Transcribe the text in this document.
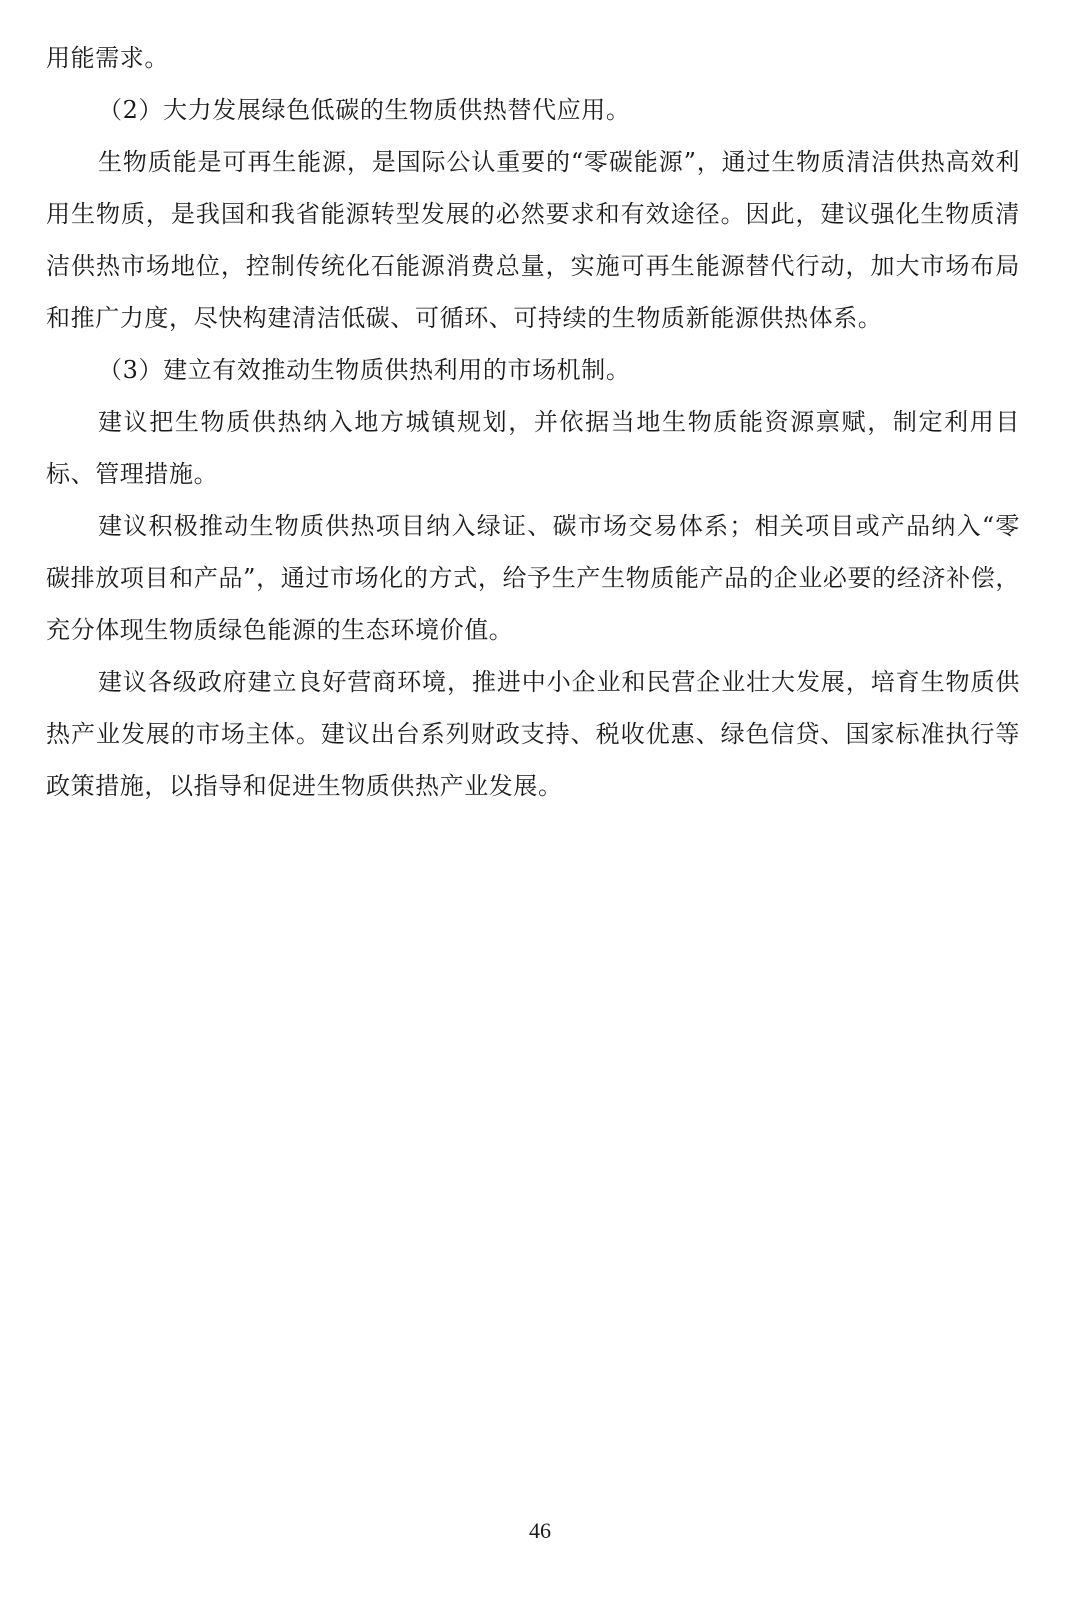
用能需求。

（2）大力发展绿色低碳的生物质供热替代应用。

生物质能是可再生能源，是国际公认重要的“零碳能源”，通过生物质清洁供热高效利用生物质，是我国和我省能源转型发展的必然要求和有效途径。因此，建议强化生物质清洁供热市场地位，控制传统化石能源消费总量，实施可再生能源替代行动，加大市场布局和推广力度，尽快构建清洁低碳、可循环、可持续的生物质新能源供热体系。

（3）建立有效推动生物质供热利用的市场机制。

建议把生物质供热纳入地方城镇规划，并依据当地生物质能资源禀赋，制定利用目标、管理措施。

建议积极推动生物质供热项目纳入绿证、碳市场交易体系；相关项目或产品纳入“零碳排放项目和产品”，通过市场化的方式，给予生产生物质能产品的企业必要的经济补偿，充分体现生物质绿色能源的生态环境价值。

建议各级政府建立良好营商环境，推进中小企业和民营企业壮大发展，培育生物质供热产业发展的市场主体。建议出台系列财政支持、税收优惠、绿色信贷、国家标准执行等政策措施，以指导和促进生物质供热产业发展。

46
